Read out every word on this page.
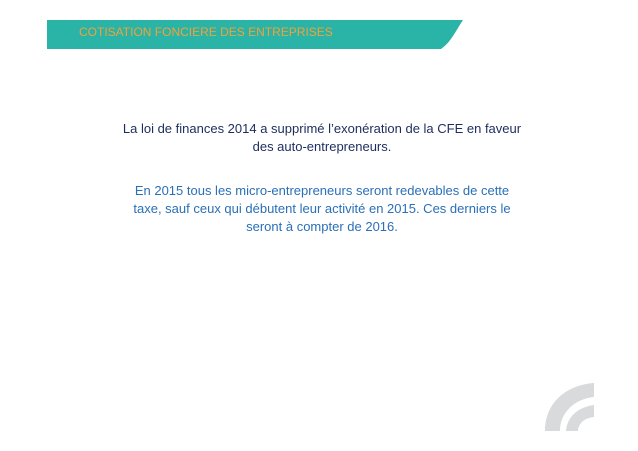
COTISATION FONCIERE DES ENTREPRISES

La loi de finances 2014 a supprimé l’exonération de la CFE en faveur des auto-entrepreneurs.

En 2015 tous les micro-entrepreneurs seront redevables de cette taxe, sauf ceux qui débutent leur activité en 2015. Ces derniers le seront à compter de 2016.
